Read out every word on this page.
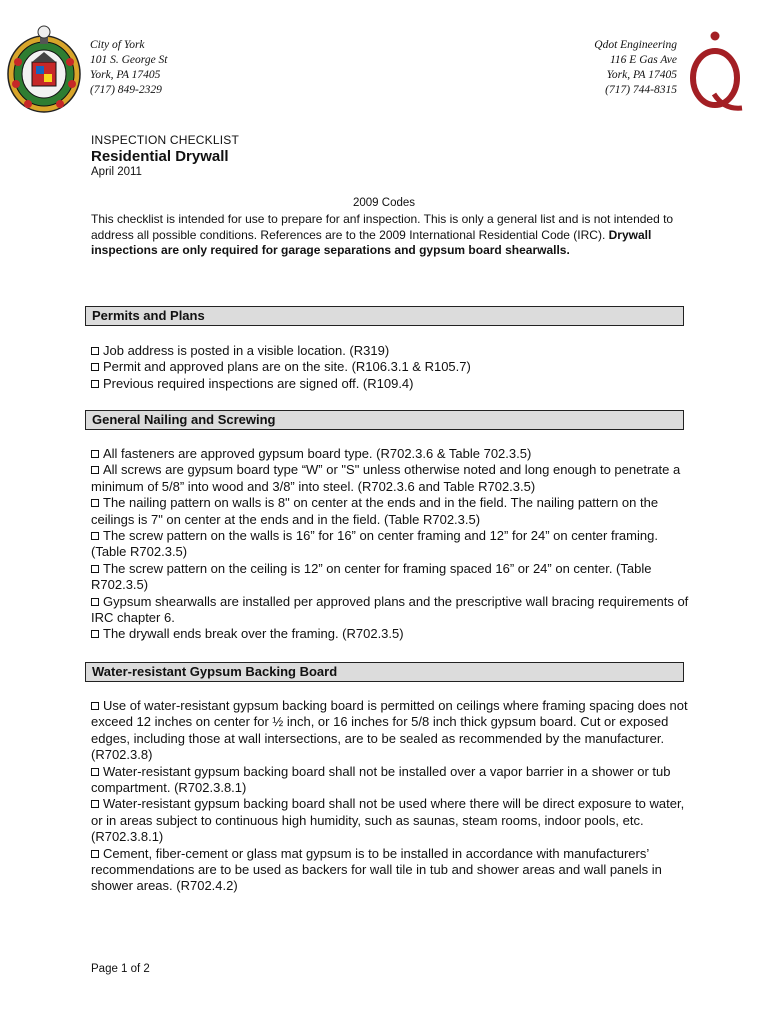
City of York
101 S. George St
York, PA 17405
(717) 849-2329
Qdot Engineering
116 E Gas Ave
York, PA 17405
(717) 744-8315
INSPECTION CHECKLIST
Residential Drywall
April 2011
2009 Codes
This checklist is intended for use to prepare for anf inspection. This is only a general list and is not intended to address all possible conditions. References are to the 2009 International Residential Code (IRC). Drywall inspections are only required for garage separations and gypsum board shearwalls.
Permits and Plans
Job address is posted in a visible location. (R319)
Permit and approved plans are on the site. (R106.3.1 & R105.7)
Previous required inspections are signed off. (R109.4)
General Nailing and Screwing
All fasteners are approved gypsum board type. (R702.3.6 & Table 702.3.5)
All screws are gypsum board type “W” or "S" unless otherwise noted and long enough to penetrate a minimum of 5/8” into wood and 3/8” into steel. (R702.3.6 and Table R702.3.5)
The nailing pattern on walls is 8" on center at the ends and in the field. The nailing pattern on the ceilings is 7" on center at the ends and in the field. (Table R702.3.5)
The screw pattern on the walls is 16” for 16” on center framing and 12” for 24” on center framing. (Table R702.3.5)
The screw pattern on the ceiling is 12” on center for framing spaced 16” or 24” on center. (Table R702.3.5)
Gypsum shearwalls are installed per approved plans and the prescriptive wall bracing requirements of IRC chapter 6.
The drywall ends break over the framing. (R702.3.5)
Water-resistant Gypsum Backing Board
Use of water-resistant gypsum backing board is permitted on ceilings where framing spacing does not exceed 12 inches on center for ½ inch, or 16 inches for 5/8 inch thick gypsum board. Cut or exposed edges, including those at wall intersections, are to be sealed as recommended by the manufacturer. (R702.3.8)
Water-resistant gypsum backing board shall not be installed over a vapor barrier in a shower or tub compartment. (R702.3.8.1)
Water-resistant gypsum backing board shall not be used where there will be direct exposure to water, or in areas subject to continuous high humidity, such as saunas, steam rooms, indoor pools, etc. (R702.3.8.1)
Cement, fiber-cement or glass mat gypsum is to be installed in accordance with manufacturers’ recommendations are to be used as backers for wall tile in tub and shower areas and wall panels in shower areas. (R702.4.2)
Page 1 of 2
